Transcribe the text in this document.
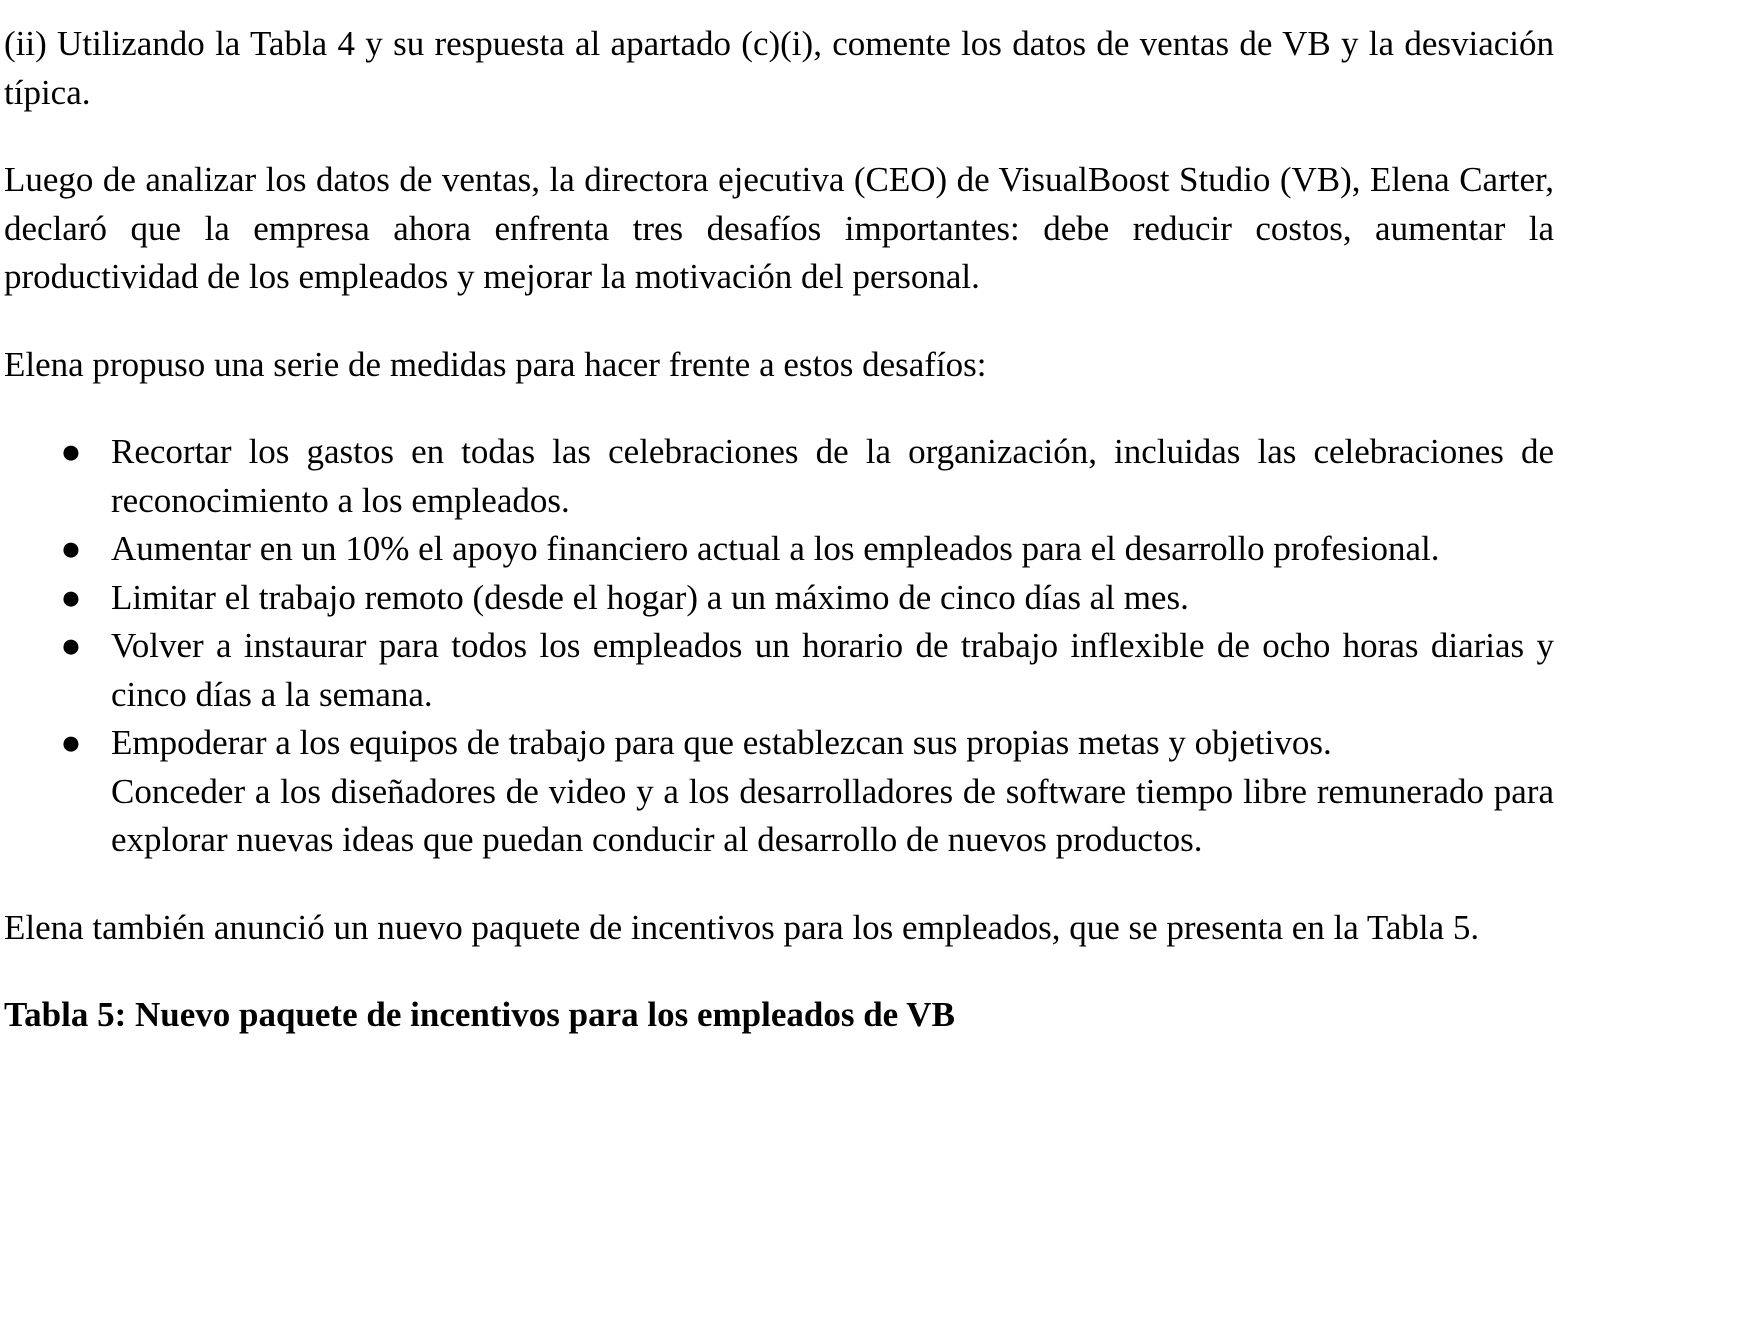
(ii) Utilizando la Tabla 4 y su respuesta al apartado (c)(i), comente los datos de ventas de VB y la desviación típica.

Luego de analizar los datos de ventas, la directora ejecutiva (CEO) de VisualBoost Studio (VB), Elena Carter, declaró que la empresa ahora enfrenta tres desafíos importantes: debe reducir costos, aumentar la productividad de los empleados y mejorar la motivación del personal.

Elena propuso una serie de medidas para hacer frente a estos desafíos:

● Recortar los gastos en todas las celebraciones de la organización, incluidas las celebraciones de reconocimiento a los empleados.
● Aumentar en un 10% el apoyo financiero actual a los empleados para el desarrollo profesional.
● Limitar el trabajo remoto (desde el hogar) a un máximo de cinco días al mes.
● Volver a instaurar para todos los empleados un horario de trabajo inflexible de ocho horas diarias y cinco días a la semana.
● Empoderar a los equipos de trabajo para que establezcan sus propias metas y objetivos.
Conceder a los diseñadores de video y a los desarrolladores de software tiempo libre remunerado para explorar nuevas ideas que puedan conducir al desarrollo de nuevos productos.

Elena también anunció un nuevo paquete de incentivos para los empleados, que se presenta en la Tabla 5.

Tabla 5: Nuevo paquete de incentivos para los empleados de VB
